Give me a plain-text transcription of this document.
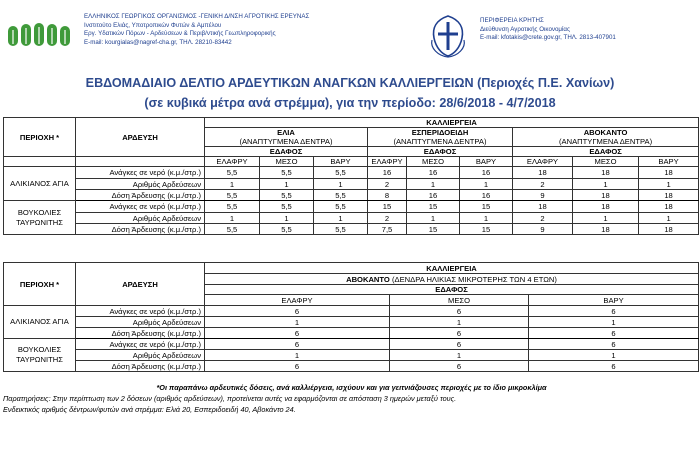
ΕΛΛΗΝΙΚΟΣ ΓΕΩΡΓΙΚΟΣ ΟΡΓΑΝΙΣΜΟΣ -ΓΕΝΙΚΗ Δ/ΝΣΗ ΑΓΡΟΤΙΚΗΣ ΕΡΕΥΝΑΣ
Ινστιτούτο Ελιάς, Υποτροπικών Φυτών & Αμπέλου
Εργ. Υδατικών Πόρων - Αρδεύσεων & Περιβ/ντικής Γεωπληροφορικής
E-mail: kourgialas@nagref-cha.gr, ΤΗΛ. 28210-83442
ΠΕΡΙΦΕΡΕΙΑ ΚΡΗΤΗΣ
Διεύθυνση Αγροτικής Οικονομίας
E-mail: kfotakis@crete.gov.gr, ΤΗΛ. 2813-407901
ΕΒΔΟΜΑΔΙΑΙΟ ΔΕΛΤΙΟ ΑΡΔΕΥΤΙΚΩΝ ΑΝΑΓΚΩΝ ΚΑΛΛΙΕΡΓΕΙΩΝ (Περιοχές Π.Ε. Χανίων)
(σε κυβικά μέτρα ανά στρέμμα), για την περίοδο: 28/6/2018 - 4/7/2018
ΠΕΡΙΟΧΗ *	ΑΡΔΕΥΣΗ	ΚΑΛΛΙΕΡΓΕΙΑ								
		ΕΛΙΑ			ΕΣΠΕΡΙΔΟΕΙΔΗ			ΑΒΟΚΑΝΤΟ		
		(ΑΝΑΠΤΥΓΜΕΝΑ ΔΕΝΤΡΑ)			(ΑΝΑΠΤΥΓΜΕΝΑ ΔΕΝΤΡΑ)			(ΑΝΑΠΤΥΓΜΕΝΑ ΔΕΝΤΡΑ)		
		ΕΔΑΦΟΣ			ΕΔΑΦΟΣ			ΕΔΑΦΟΣ		
		ΕΛΑΦΡΥ	ΜΕΣΟ	ΒΑΡΥ	ΕΛΑΦΡΥ	ΜΕΣΟ	ΒΑΡΥ	ΕΛΑΦΡΥ	ΜΕΣΟ	ΒΑΡΥ
ΑΛΙΚΙΑΝΟΣ ΑΓΙΑ	Ανάγκες σε νερό (κ.μ./στρ.)	5,5	5,5	5,5	16	16	16	18	18	18
	Αριθμός Αρδεύσεων	1	1	1	2	1	1	2	1	1
	Δόση Άρδευσης (κ.μ./στρ.)	5,5	5,5	5,5	8	16	16	9	18	18
ΒΟΥΚΟΛΙΕΣ ΤΑΥΡΩΝΙΤΗΣ	Ανάγκες σε νερό (κ.μ./στρ.)	5,5	5,5	5,5	15	15	15	18	18	18
	Αριθμός Αρδεύσεων	1	1	1	2	1	1	2	1	1
	Δόση Άρδευσης (κ.μ./στρ.)	5,5	5,5	5,5	7,5	15	15	9	18	18
ΠΕΡΙΟΧΗ *	ΑΡΔΕΥΣΗ	ΚΑΛΛΙΕΡΓΕΙΑ		
		ΑΒΟΚΑΝΤΟ (ΔΕΝΔΡΑ ΗΛΙΚΙΑΣ ΜΙΚΡΟΤΕΡΗΣ ΤΩΝ 4 ΕΤΩΝ)		
		ΕΔΑΦΟΣ		
		ΕΛΑΦΡΥ	ΜΕΣΟ	ΒΑΡΥ
ΑΛΙΚΙΑΝΟΣ ΑΓΙΑ	Ανάγκες σε νερό (κ.μ./στρ.)	6	6	6
	Αριθμός Αρδεύσεων	1	1	1
	Δόση Άρδευσης (κ.μ./στρ.)	6	6	6
ΒΟΥΚΟΛΙΕΣ ΤΑΥΡΩΝΙΤΗΣ	Ανάγκες σε νερό (κ.μ./στρ.)	6	6	6
	Αριθμός Αρδεύσεων	1	1	1
	Δόση Άρδευσης (κ.μ./στρ.)	6	6	6
*Οι παραπάνω αρδευτικές δόσεις, ανά καλλιέργεια, ισχύουν και για γειτνιάζουσες περιοχές με το ίδιο μικροκλίμα
Παρατηρήσεις: Στην περίπτωση των 2 δόσεων (αριθμός αρδεύσεων), προτείνεται αυτές να εφαρμόζονται σε απόσταση 3 ημερών μεταξύ τους.
Ενδεικτικός αριθμός δέντρων/φυτών ανά στρέμμα: Ελιά 20, Εσπεριδοειδή 40, Αβοκάντο 24.
